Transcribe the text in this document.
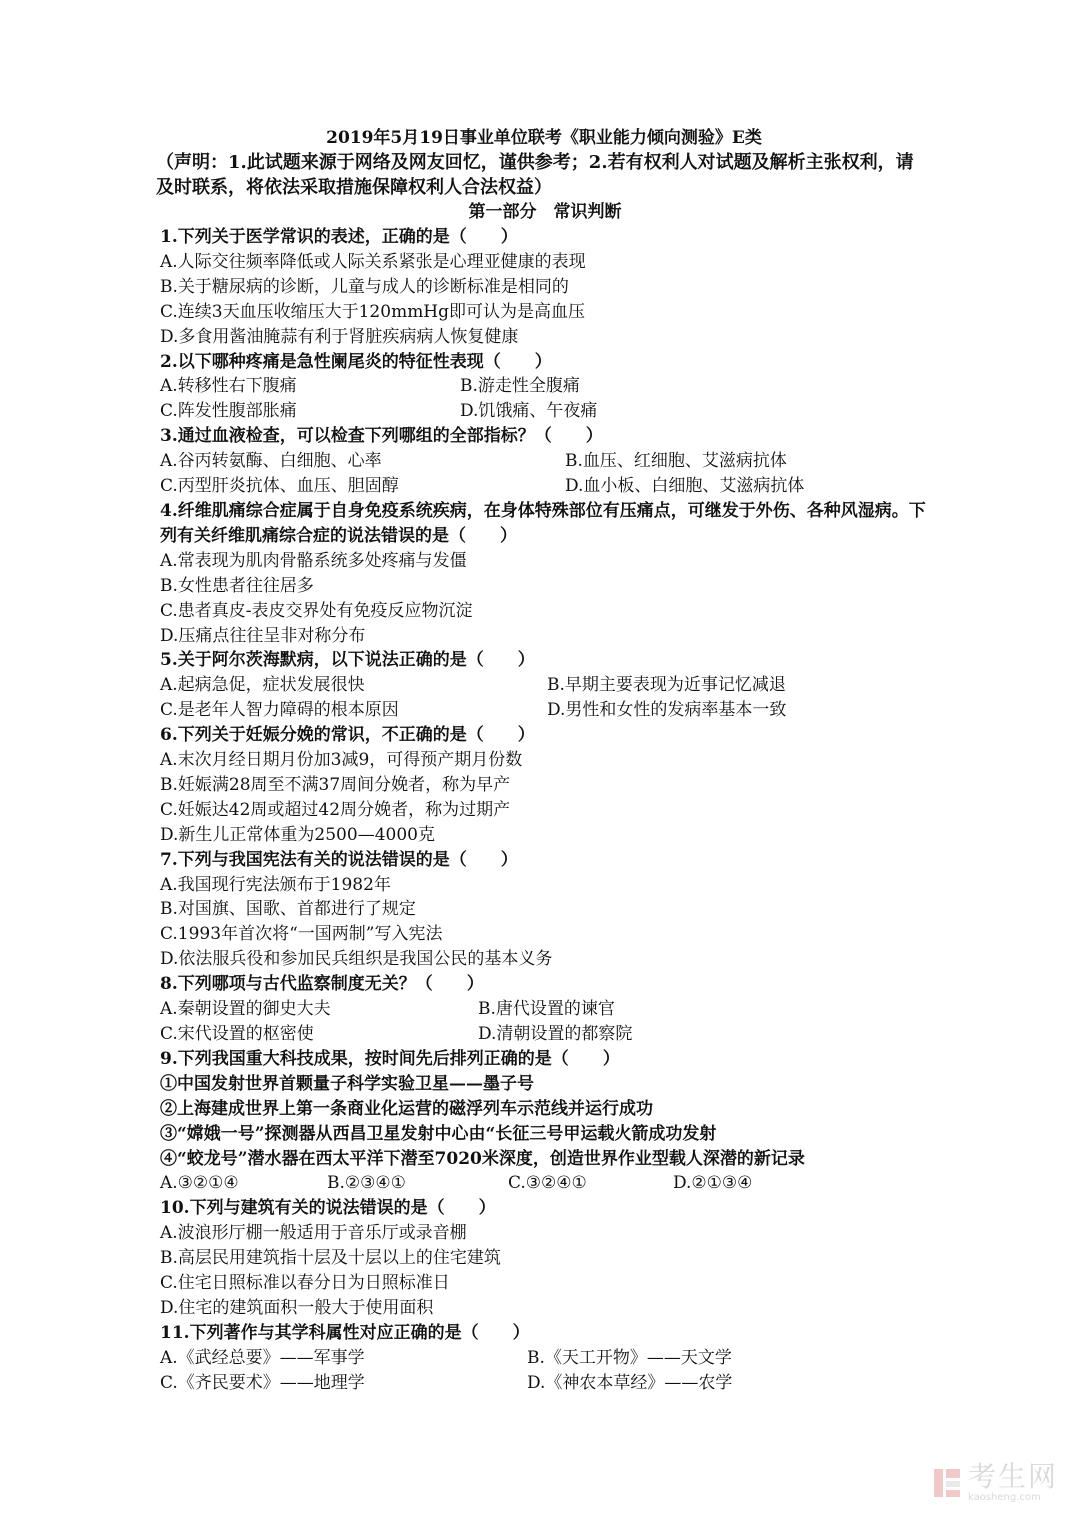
2019年5月19日事业单位联考《职业能力倾向测验》E类
（声明：1.此试题来源于网络及网友回忆，谨供参考；2.若有权利人对试题及解析主张权利，请及时联系，将依法采取措施保障权利人合法权益）
第一部分　常识判断
1.下列关于医学常识的表述，正确的是（　　）
A.人际交往频率降低或人际关系紧张是心理亚健康的表现
B.关于糖尿病的诊断，儿童与成人的诊断标准是相同的
C.连续3天血压收缩压大于120mmHg即可认为是高血压
D.多食用酱油腌蒜有利于肾脏疾病病人恢复健康
2.以下哪种疼痛是急性阑尾炎的特征性表现（　　）
A.转移性右下腹痛	B.游走性全腹痛
C.阵发性腹部胀痛	D.饥饿痛、午夜痛
3.通过血液检查，可以检查下列哪组的全部指标？（　　）
A.谷丙转氨酶、白细胞、心率	B.血压、红细胞、艾滋病抗体
C.丙型肝炎抗体、血压、胆固醇	D.血小板、白细胞、艾滋病抗体
4.纤维肌痛综合症属于自身免疫系统疾病，在身体特殊部位有压痛点，可继发于外伤、各种风湿病。下列有关纤维肌痛综合症的说法错误的是（　　）
A.常表现为肌肉骨骼系统多处疼痛与发僵
B.女性患者往往居多
C.患者真皮-表皮交界处有免疫反应物沉淀
D.压痛点往往呈非对称分布
5.关于阿尔茨海默病，以下说法正确的是（　　）
A.起病急促，症状发展很快	B.早期主要表现为近事记忆减退
C.是老年人智力障碍的根本原因	D.男性和女性的发病率基本一致
6.下列关于妊娠分娩的常识，不正确的是（　　）
A.末次月经日期月份加3减9，可得预产期月份数
B.妊娠满28周至不满37周间分娩者，称为早产
C.妊娠达42周或超过42周分娩者，称为过期产
D.新生儿正常体重为2500—4000克
7.下列与我国宪法有关的说法错误的是（　　）
A.我国现行宪法颁布于1982年
B.对国旗、国歌、首都进行了规定
C.1993年首次将“一国两制”写入宪法
D.依法服兵役和参加民兵组织是我国公民的基本义务
8.下列哪项与古代监察制度无关？（　　）
A.秦朝设置的御史大夫	B.唐代设置的谏官
C.宋代设置的枢密使	D.清朝设置的都察院
9.下列我国重大科技成果，按时间先后排列正确的是（　　）
①中国发射世界首颗量子科学实验卫星——墨子号
②上海建成世界上第一条商业化运营的磁浮列车示范线并运行成功
③“嫦娥一号”探测器从西昌卫星发射中心由“长征三号甲运载火箭成功发射
④“蛟龙号”潜水器在西太平洋下潜至7020米深度，创造世界作业型载人深潜的新记录
A.③②①④	B.②③④①	C.③②④①	D.②①③④
10.下列与建筑有关的说法错误的是（　　）
A.波浪形厅棚一般适用于音乐厅或录音棚
B.高层民用建筑指十层及十层以上的住宅建筑
C.住宅日照标准以春分日为日照标准日
D.住宅的建筑面积一般大于使用面积
11.下列著作与其学科属性对应正确的是（　　）
A.《武经总要》——军事学	B.《天工开物》——天文学
C.《齐民要术》——地理学	D.《神农本草经》——农学
考生网
kaosheng.com
